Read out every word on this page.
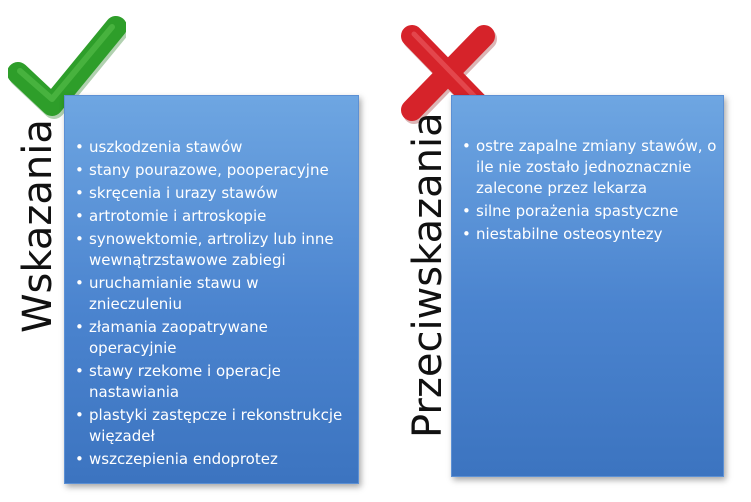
Wskazania • uszkodzenia stawów
• stany pourazowe, pooperacyjne
• skręcenia i urazy stawów
• artrotomie i artroskopie
• synowektomie, artrolizy lub inne wewnątrzstawowe zabiegi
• uruchamianie stawu w znieczuleniu
• złamania zaopatrywane operacyjnie
• stawy rzekome i operacje nastawiania
• plastyki zastępcze i rekonstrukcje więzadeł
• wszczepienia endoprotez
Przeciwskazania • ostre zapalne zmiany stawów, o ile nie zostało jednoznacznie zalecone przez lekarza
• silne porażenia spastyczne
• niestabilne osteosyntezy
